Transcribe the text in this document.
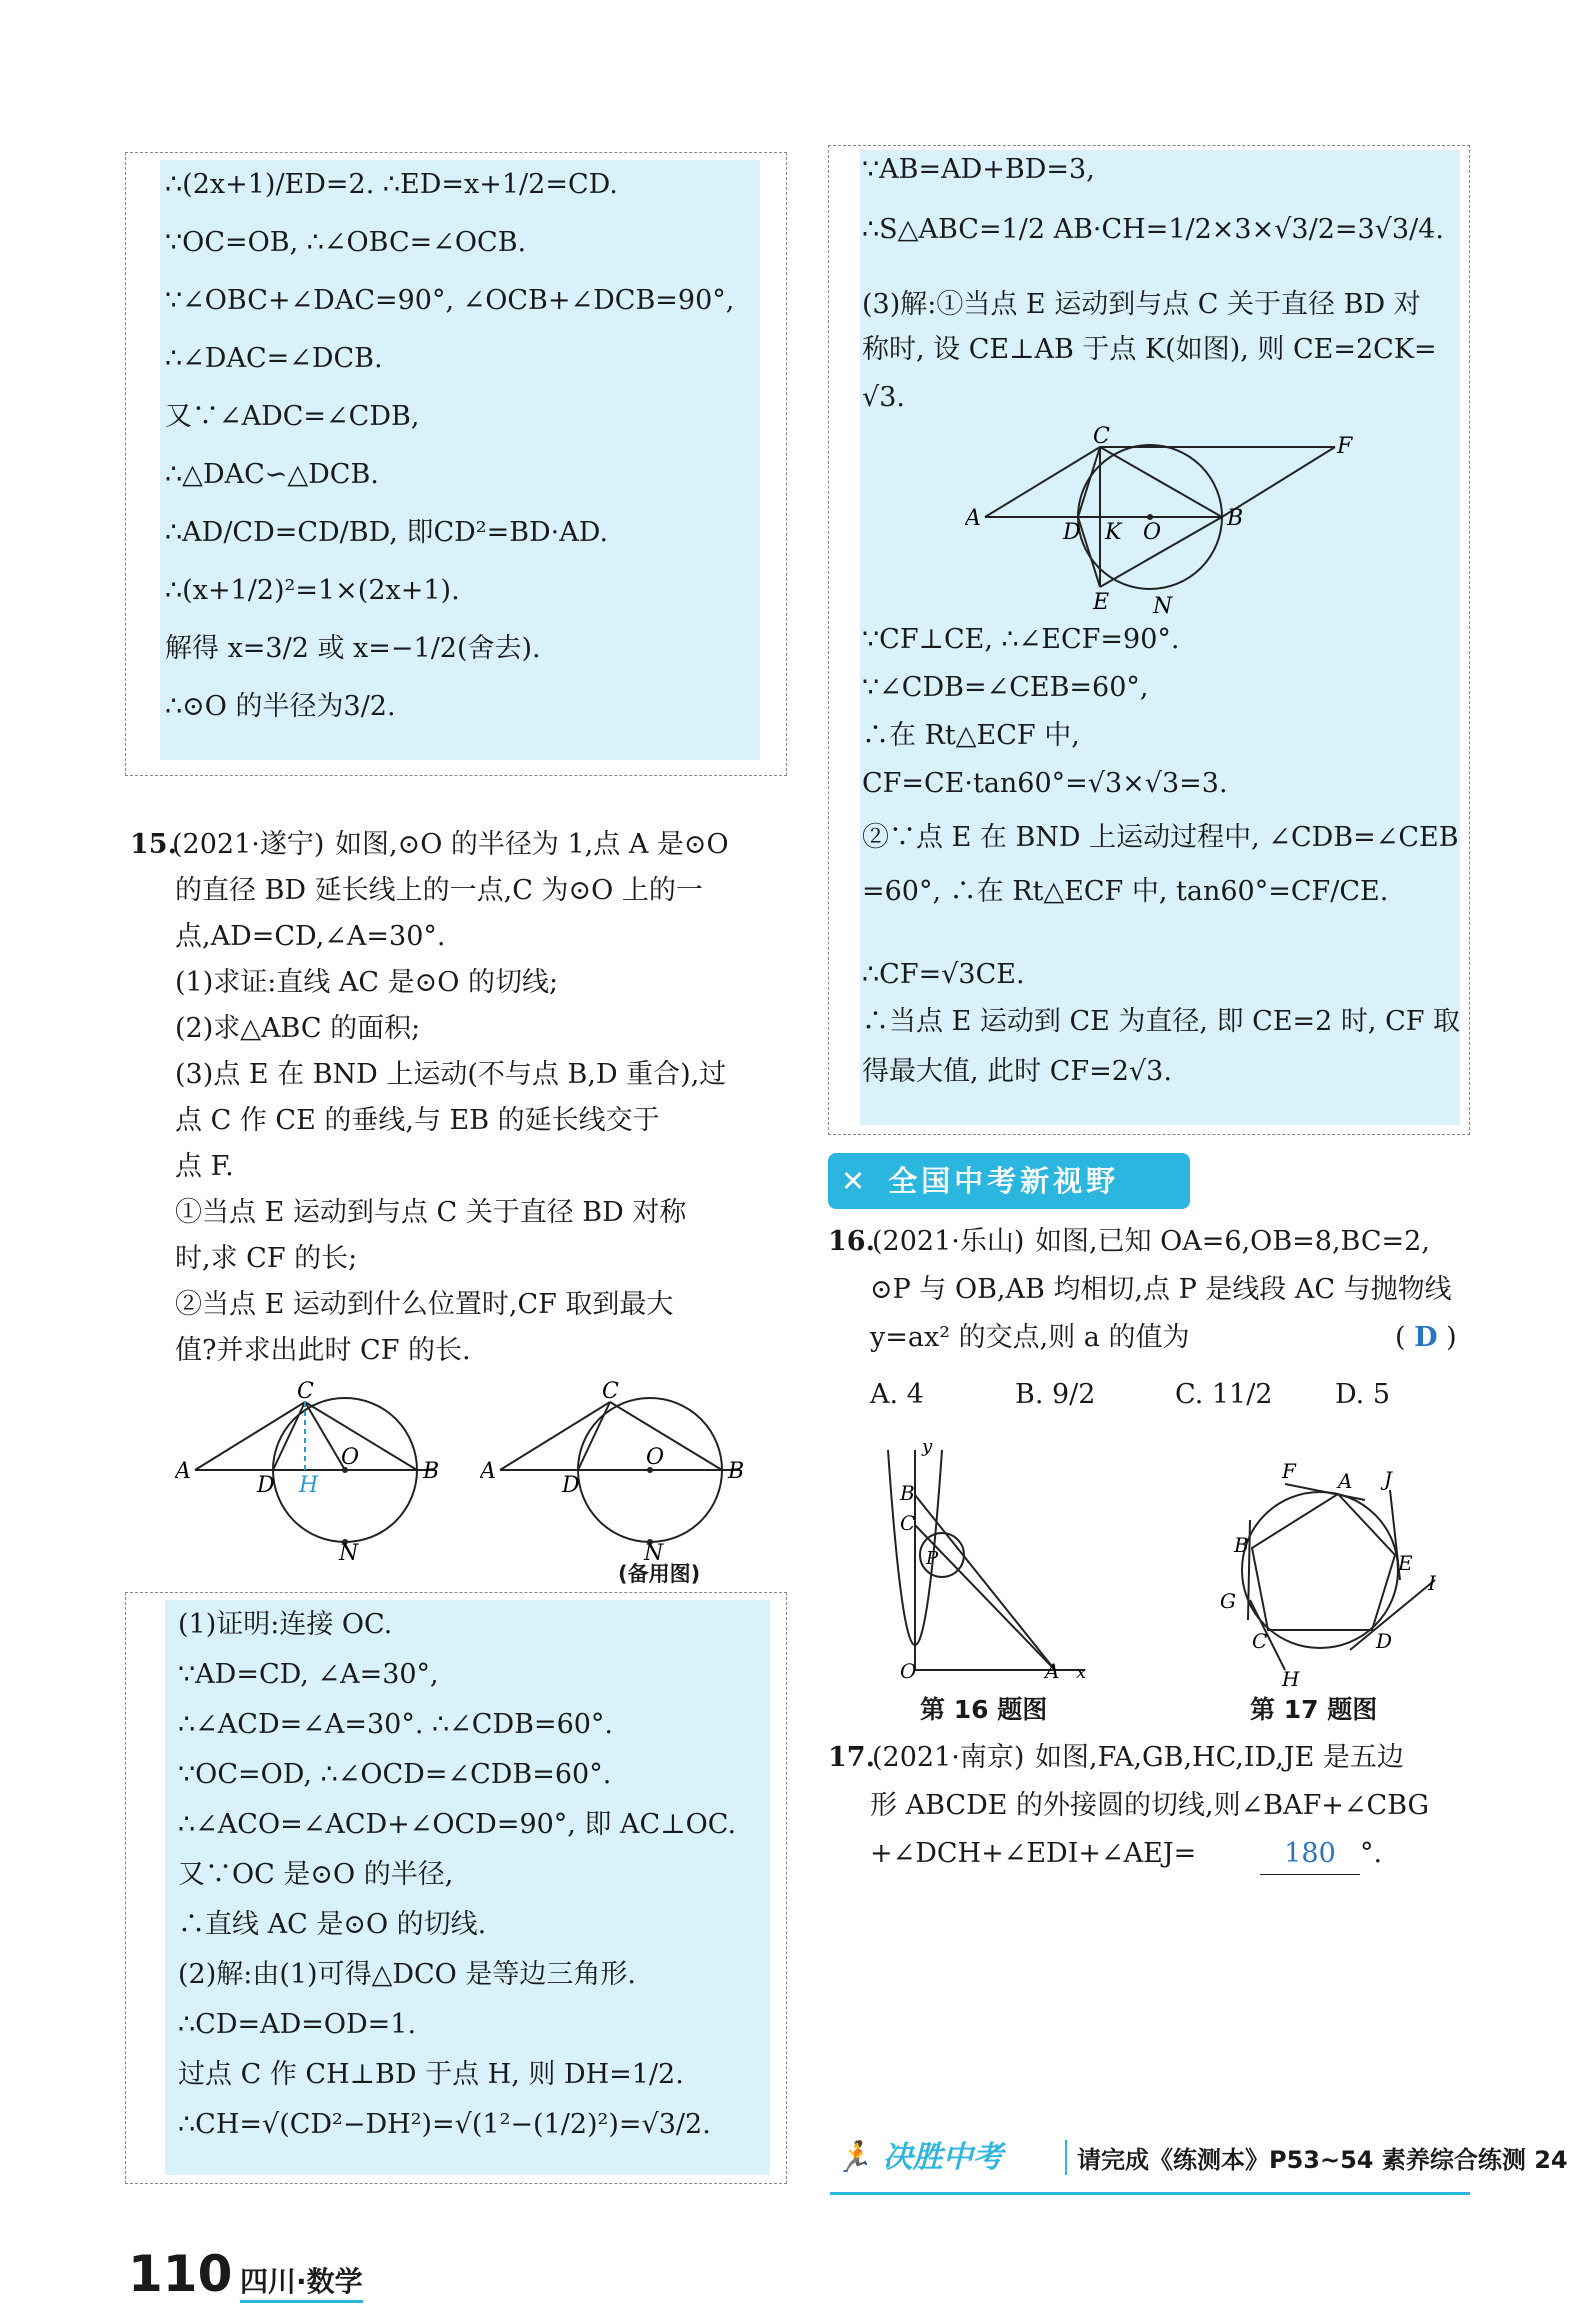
∴(2x+1)/ED=2. ∴ED=x+1/2=CD.
∵OC=OB, ∴∠OBC=∠OCB.
∵∠OBC+∠DAC=90°, ∠OCB+∠DCB=90°,
∴∠DAC=∠DCB.
又∵∠ADC=∠CDB,
∴△DAC∽△DCB.
∴AD/CD=CD/BD, 即CD²=BD·AD.
∴(x+1/2)²=1×(2x+1).
解得 x=3/2 或 x=−1/2(舍去).
∴⊙O 的半径为3/2.
15.
(2021·遂宁) 如图,⊙O 的半径为 1,点 A 是⊙O
的直径 BD 延长线上的一点,C 为⊙O 上的一
点,AD=CD,∠A=30°.
(1)求证:直线 AC 是⊙O 的切线;
(2)求△ABC 的面积;
(3)点 E 在 BND 上运动(不与点 B,D 重合),过
点 C 作 CE 的垂线,与 EB 的延长线交于
点 F.
①当点 E 运动到与点 C 关于直径 BD 对称
时,求 CF 的长;
②当点 E 运动到什么位置时,CF 取到最大
值?并求出此时 CF 的长.
A	B
C
D
O
H
N
A	B
C
D
O
N
(备用图)
(1)证明:连接 OC.
∵AD=CD, ∠A=30°,
∴∠ACD=∠A=30°. ∴∠CDB=60°.
∵OC=OD, ∴∠OCD=∠CDB=60°.
∴∠ACO=∠ACD+∠OCD=90°, 即 AC⊥OC.
又∵OC 是⊙O 的半径,
∴直线 AC 是⊙O 的切线.
(2)解:由(1)可得△DCO 是等边三角形.
∴CD=AD=OD=1.
过点 C 作 CH⊥BD 于点 H, 则 DH=1/2.
∴CH=√(CD²−DH²)=√(1²−(1/2)²)=√3/2.
∵AB=AD+BD=3,
∴S△ABC=1/2 AB·CH=1/2×3×√3/2=3√3/4.
(3)解:①当点 E 运动到与点 C 关于直径 BD 对
称时, 设 CE⊥AB 于点 K(如图), 则 CE=2CK=
√3.
∵CF⊥CE, ∴∠ECF=90°.
∵∠CDB=∠CEB=60°,
∴在 Rt△ECF 中,
CF=CE·tan60°=√3×√3=3.
②∵点 E 在 BND 上运动过程中, ∠CDB=∠CEB
=60°, ∴在 Rt△ECF 中, tan60°=CF/CE.
∴CF=√3CE.
∴当点 E 运动到 CE 为直径, 即 CE=2 时, CF 取
得最大值, 此时 CF=2√3.
C	F
A
D K O
B
E N
✕ 全国中考新视野
16.
(2021·乐山) 如图,已知 OA=6,OB=8,BC=2,
⊙P 与 OB,AB 均相切,点 P 是线段 AC 与抛物线
y=ax² 的交点,则 a 的值为	( D )
A. 4	B. 9/2	C. 11/2 D. 5
y
B
C
P
O	A x
第 16 题图
F A J
B
E
I
G
C	D
H
第 17 题图
17.
(2021·南京) 如图,FA,GB,HC,ID,JE 是五边
形 ABCDE 的外接圆的切线,则∠BAF+∠CBG
+∠DCH+∠EDI+∠AEJ=	180 °.
110 四川·数学
🏃 决胜中考	请完成《练测本》P53~54 素养综合练测 24
